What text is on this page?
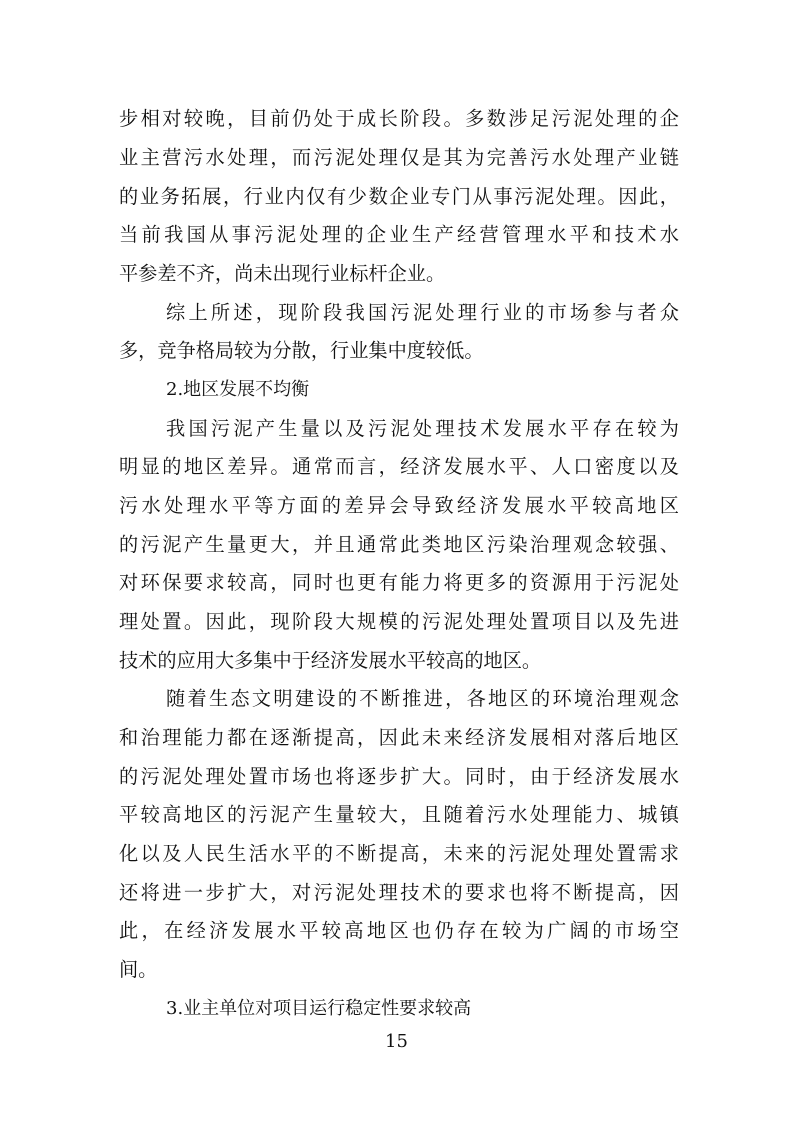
步相对较晚，目前仍处于成长阶段。多数涉足污泥处理的企
业主营污水处理，而污泥处理仅是其为完善污水处理产业链
的业务拓展，行业内仅有少数企业专门从事污泥处理。因此，
当前我国从事污泥处理的企业生产经营管理水平和技术水
平参差不齐，尚未出现行业标杆企业。
综上所述，现阶段我国污泥处理行业的市场参与者众
多，竞争格局较为分散，行业集中度较低。
2.地区发展不均衡
我国污泥产生量以及污泥处理技术发展水平存在较为
明显的地区差异。通常而言，经济发展水平、人口密度以及
污水处理水平等方面的差异会导致经济发展水平较高地区
的污泥产生量更大，并且通常此类地区污染治理观念较强、
对环保要求较高，同时也更有能力将更多的资源用于污泥处
理处置。因此，现阶段大规模的污泥处理处置项目以及先进
技术的应用大多集中于经济发展水平较高的地区。
随着生态文明建设的不断推进，各地区的环境治理观念
和治理能力都在逐渐提高，因此未来经济发展相对落后地区
的污泥处理处置市场也将逐步扩大。同时，由于经济发展水
平较高地区的污泥产生量较大，且随着污水处理能力、城镇
化以及人民生活水平的不断提高，未来的污泥处理处置需求
还将进一步扩大，对污泥处理技术的要求也将不断提高，因
此，在经济发展水平较高地区也仍存在较为广阔的市场空
间。
3.业主单位对项目运行稳定性要求较高
15
